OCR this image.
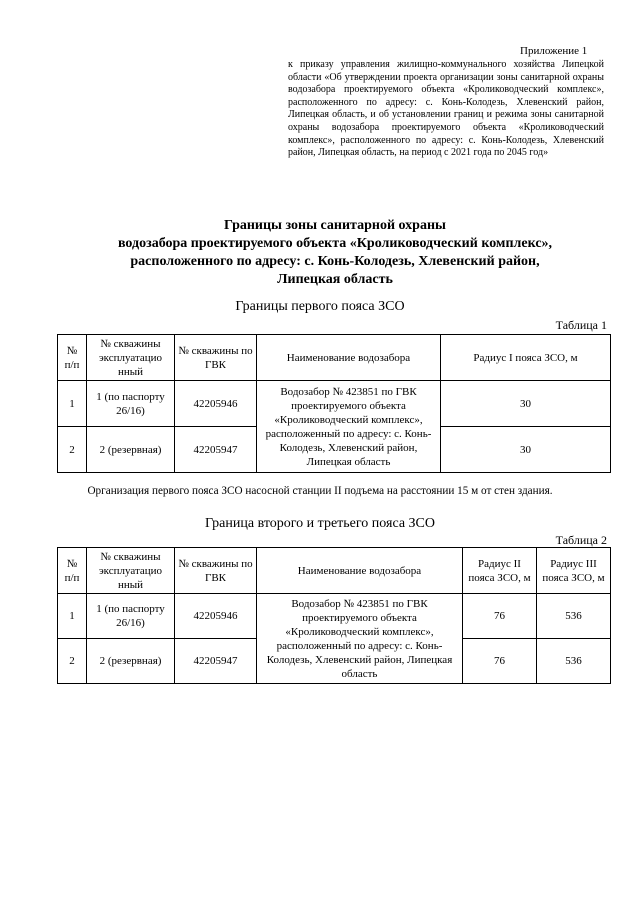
Приложение 1
к приказу управления жилищно-коммунального хозяйства Липецкой области «Об утверждении проекта организации зоны санитарной охраны водозабора проектируемого объекта «Кролиководческий комплекс», расположенного по адресу: с. Конь-Колодезь, Хлевенский район, Липецкая область, и об установлении границ и режима зоны санитарной охраны водозабора проектируемого объекта «Кролиководческий комплекс», расположенного по адресу: с. Конь-Колодезь, Хлевенский район, Липецкая область, на период с 2021 года по 2045 год»
Границы зоны санитарной охраны
водозабора проектируемого объекта «Кролиководческий комплекс»,
расположенного по адресу: с. Конь-Колодезь, Хлевенский район,
Липецкая область
Границы первого пояса ЗСО
Таблица 1
№ п/п	№ скважины эксплуатацио нный	№ скважины по ГВК	Наименование водозабора	Радиус I пояса ЗСО, м
1	1 (по паспорту 26/16)	42205946	Водозабор № 423851 по ГВК проектируемого объекта «Кролиководческий комплекс», расположенный по адресу: с. Конь-Колодезь, Хлевенский район, Липецкая область	30
2	2 (резервная)	42205947		30
Организация первого пояса ЗСО насосной станции II подъема на расстоянии 15 м от стен здания.
Граница второго и третьего пояса ЗСО
Таблица 2
№ п/п	№ скважины эксплуатацио нный	№ скважины по ГВК	Наименование водозабора	Радиус II пояса ЗСО, м	Радиус III пояса ЗСО, м
1	1 (по паспорту 26/16)	42205946	Водозабор № 423851 по ГВК проектируемого объекта «Кролиководческий комплекс», расположенный по адресу: с. Конь-Колодезь, Хлевенский район, Липецкая область	76	536
2	2 (резервная)	42205947		76	536
